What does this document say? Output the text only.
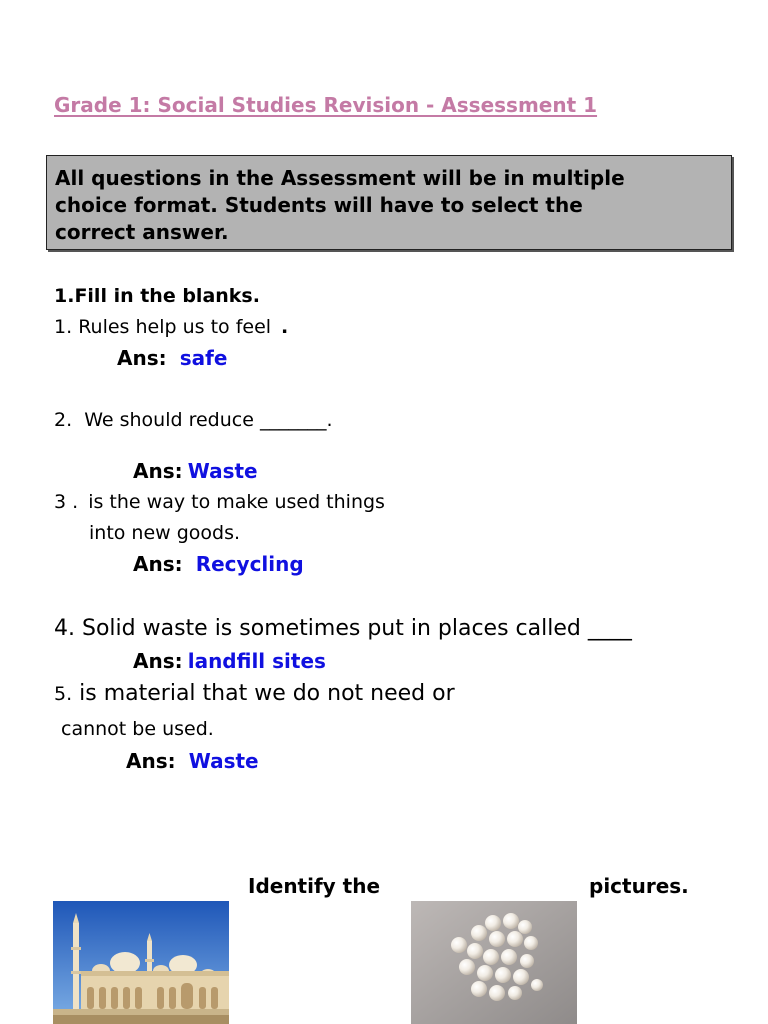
Grade 1: Social Studies Revision - Assessment 1

All questions in the Assessment will be in multiple

choice format. Students will have to select the

correct answer.

1.Fill in the blanks.
1. Rules help us to feel .
Ans: safe
2. We should reduce _______.
Ans: Waste
3 . is the way to make used things
into new goods.
Ans: Recycling
4. Solid waste is sometimes put in places called ____
Ans: landfill sites
5. is material that we do not need or
cannot be used.
Ans: Waste
Identify the	pictures.
